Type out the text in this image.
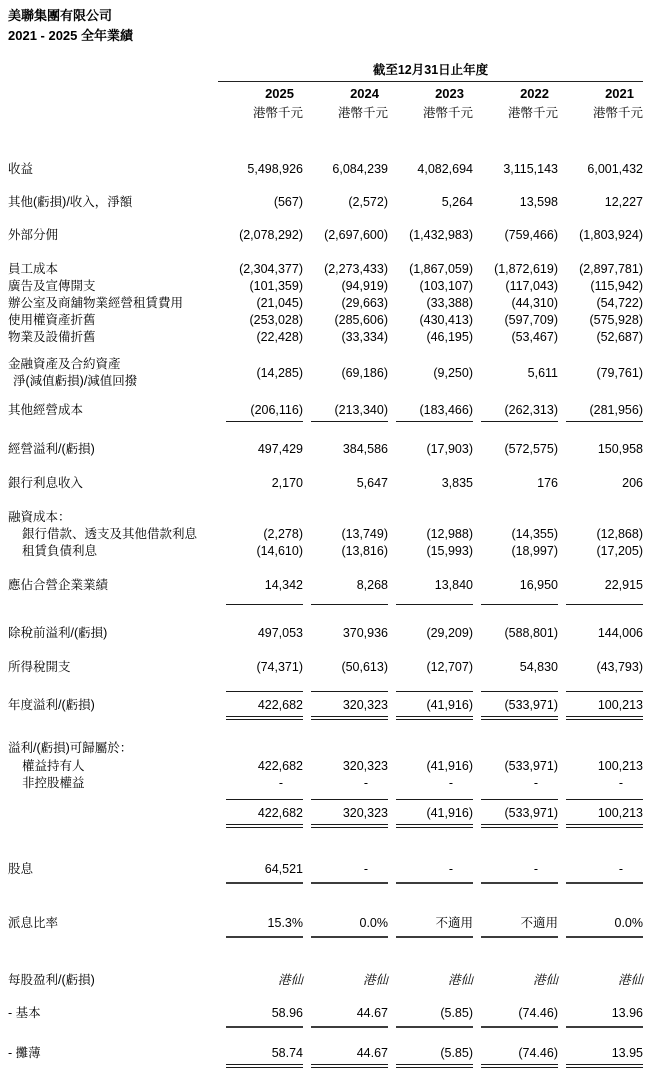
美聯集團有限公司
2021 - 2025 全年業績
截至12月31日止年度
2025	2024	2023	2022	2021
港幣千元	港幣千元	港幣千元	港幣千元	港幣千元
收益	5,498,926	6,084,239	4,082,694	3,115,143	6,001,432
其他(虧損)/收入，淨額	(567)	(2,572)	5,264	13,598	12,227
外部分佣	(2,078,292)	(2,697,600)	(1,432,983)	(759,466)	(1,803,924)
員工成本	(2,304,377)	(2,273,433)	(1,867,059)	(1,872,619)	(2,897,781)
廣告及宣傳開支	(101,359)	(94,919)	(103,107)	(117,043)	(115,942)
辦公室及商舖物業經營租賃費用	(21,045)	(29,663)	(33,388)	(44,310)	(54,722)
使用權資產折舊	(253,028)	(285,606)	(430,413)	(597,709)	(575,928)
物業及設備折舊	(22,428)	(33,334)	(46,195)	(53,467)	(52,687)
金融資產及合約資產
淨(減值虧損)/減值回撥
(14,285)	(69,186)	(9,250)	5,611	(79,761)
其他經營成本	(206,116)	(213,340)	(183,466)	(262,313)	(281,956)
經營溢利/(虧損)	497,429	384,586	(17,903)	(572,575)	150,958
銀行利息收入	2,170	5,647	3,835	176	206
融資成本：
銀行借款、透支及其他借款利息	(2,278)	(13,749)	(12,988)	(14,355)	(12,868)
租賃負債利息	(14,610)	(13,816)	(15,993)	(18,997)	(17,205)
應佔合營企業業績	14,342	8,268	13,840	16,950	22,915
除稅前溢利/(虧損)	497,053	370,936	(29,209)	(588,801)	144,006
所得稅開支	(74,371)	(50,613)	(12,707)	54,830	(43,793)
年度溢利/(虧損)	422,682	320,323	(41,916)	(533,971)	100,213
溢利/(虧損)可歸屬於：
權益持有人	422,682	320,323	(41,916)	(533,971)	100,213
非控股權益	-	-	-	-	-
422,682	320,323	(41,916)	(533,971)	100,213
股息	64,521	-	-	-	-
派息比率	15.3%	0.0%	不適用	不適用	0.0%
每股盈利/(虧損)	港仙	港仙	港仙	港仙	港仙
- 基本	58.96	44.67	(5.85)	(74.46)	13.96
- 攤薄	58.74	44.67	(5.85)	(74.46)	13.95
